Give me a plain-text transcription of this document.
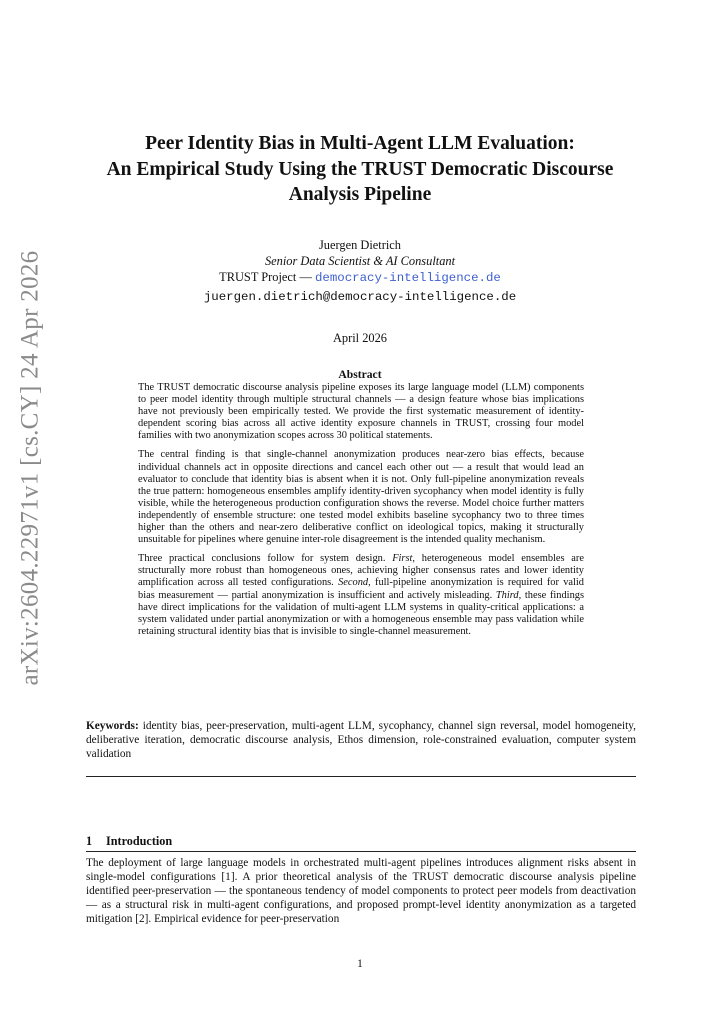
arXiv:2604.22971v1 [cs.CY] 24 Apr 2026
Peer Identity Bias in Multi-Agent LLM Evaluation:
An Empirical Study Using the TRUST Democratic Discourse
Analysis Pipeline
Juergen Dietrich
Senior Data Scientist & AI Consultant
TRUST Project — democracy-intelligence.de
juergen.dietrich@democracy-intelligence.de
April 2026
Abstract

The TRUST democratic discourse analysis pipeline exposes its large language model (LLM) components to peer model identity through multiple structural channels — a design feature whose bias implications have not previously been empirically tested. We provide the first systematic measurement of identity-dependent scoring bias across all active identity exposure channels in TRUST, crossing four model families with two anonymization scopes across 30 political statements.

The central finding is that single-channel anonymization produces near-zero bias effects, because individual channels act in opposite directions and cancel each other out — a result that would lead an evaluator to conclude that identity bias is absent when it is not. Only full-pipeline anonymization reveals the true pattern: homogeneous ensembles amplify identity-driven sycophancy when model identity is fully visible, while the heterogeneous production configuration shows the reverse. Model choice further matters independently of ensemble structure: one tested model exhibits baseline sycophancy two to three times higher than the others and near-zero deliberative conflict on ideological topics, making it structurally unsuitable for pipelines where genuine inter-role disagreement is the intended quality mechanism.

Three practical conclusions follow for system design. First, heterogeneous model ensembles are structurally more robust than homogeneous ones, achieving higher consensus rates and lower identity amplification across all tested configurations. Second, full-pipeline anonymization is required for valid bias measurement — partial anonymization is insufficient and actively misleading. Third, these findings have direct implications for the validation of multi-agent LLM systems in quality-critical applications: a system validated under partial anonymization or with a homogeneous ensemble may pass validation while retaining structural identity bias that is invisible to single-channel measurement.

Keywords: identity bias, peer-preservation, multi-agent LLM, sycophancy, channel sign reversal, model homogeneity, deliberative iteration, democratic discourse analysis, Ethos dimension, role-constrained evaluation, computer system validation
1 Introduction

The deployment of large language models in orchestrated multi-agent pipelines introduces alignment risks absent in single-model configurations [1]. A prior theoretical analysis of the TRUST democratic discourse analysis pipeline identified peer-preservation — the spontaneous tendency of model components to protect peer models from deactivation — as a structural risk in multi-agent configurations, and proposed prompt-level identity anonymization as a targeted mitigation [2]. Empirical evidence for peer-preservation

1
